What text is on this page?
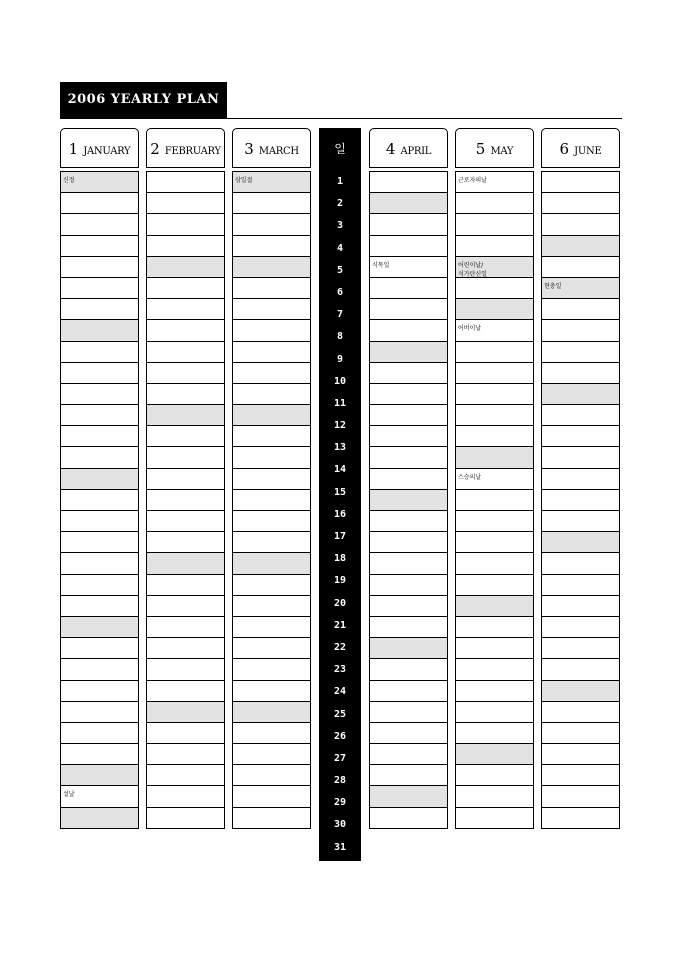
2006 YEARLY PLAN
1 JANUARY
신정
설날
2 FEBRUARY	3 MARCH
삼일절
일
1
2
3
4
5
6
7
8
9
10
11
12
13
14
15
16
17
18
19
20
21
22
23
24
25
26
27
28
29
30
31
4 APRIL
식목일
5 MAY
근로자의날
어린이날/
석가탄신일
어버이날
스승의날
6 JUNE
현충일
